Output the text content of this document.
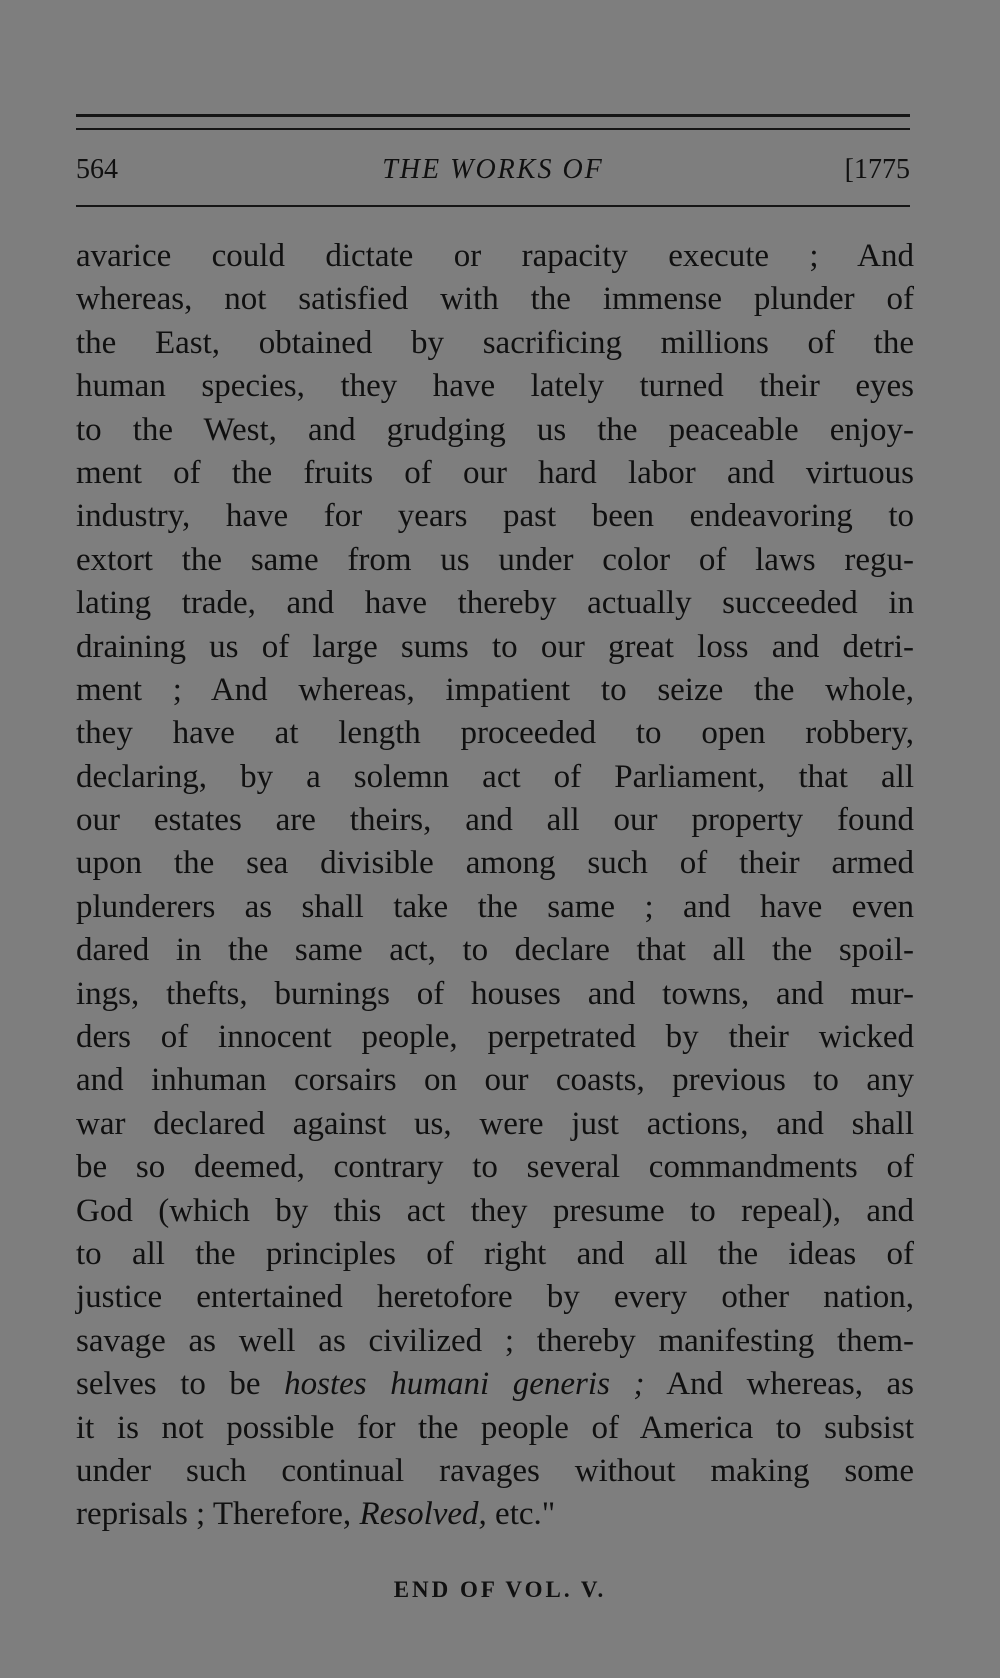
564	THE WORKS OF	[1775
avarice could dictate or rapacity execute ; And
whereas, not satisfied with the immense plunder of
the East, obtained by sacrificing millions of the
human species, they have lately turned their eyes
to the West, and grudging us the peaceable enjoy-
ment of the fruits of our hard labor and virtuous
industry, have for years past been endeavoring to
extort the same from us under color of laws regu-
lating trade, and have thereby actually succeeded in
draining us of large sums to our great loss and detri-
ment ; And whereas, impatient to seize the whole,
they have at length proceeded to open robbery,
declaring, by a solemn act of Parliament, that all
our estates are theirs, and all our property found
upon the sea divisible among such of their armed
plunderers as shall take the same ; and have even
dared in the same act, to declare that all the spoil-
ings, thefts, burnings of houses and towns, and mur-
ders of innocent people, perpetrated by their wicked
and inhuman corsairs on our coasts, previous to any
war declared against us, were just actions, and shall
be so deemed, contrary to several commandments of
God (which by this act they presume to repeal), and
to all the principles of right and all the ideas of
justice entertained heretofore by every other nation,
savage as well as civilized ; thereby manifesting them-
selves to be hostes humani generis ; And whereas, as
it is not possible for the people of America to subsist
under such continual ravages without making some
reprisals ; Therefore, Resolved, etc."
END OF VOL. V.
